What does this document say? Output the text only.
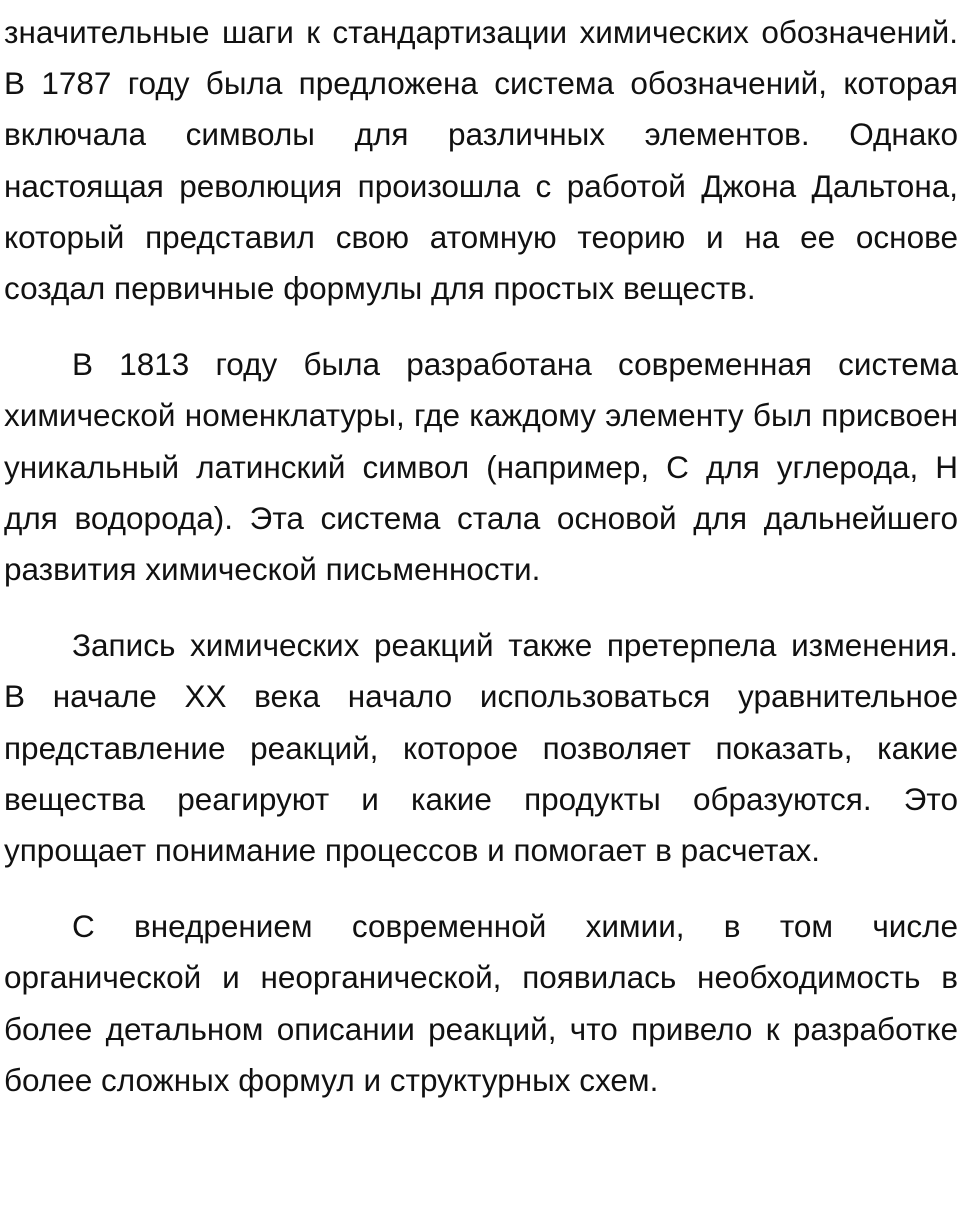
значительные шаги к стандартизации химических обозначений. В 1787 году была предложена система обозначений, которая включала символы для различных элементов. Однако настоящая революция произошла с работой Джона Дальтона, который представил свою атомную теорию и на ее основе создал первичные формулы для простых веществ.

В 1813 году была разработана современная система химической номенклатуры, где каждому элементу был присвоен уникальный латинский символ (например, C для углерода, H для водорода). Эта система стала основой для дальнейшего развития химической письменности.

Запись химических реакций также претерпела изменения. В начале XX века начало использоваться уравнительное представление реакций, которое позволяет показать, какие вещества реагируют и какие продукты образуются. Это упрощает понимание процессов и помогает в расчетах.

С внедрением современной химии, в том числе органической и неорганической, появилась необходимость в более детальном описании реакций, что привело к разработке более сложных формул и структурных схем.
